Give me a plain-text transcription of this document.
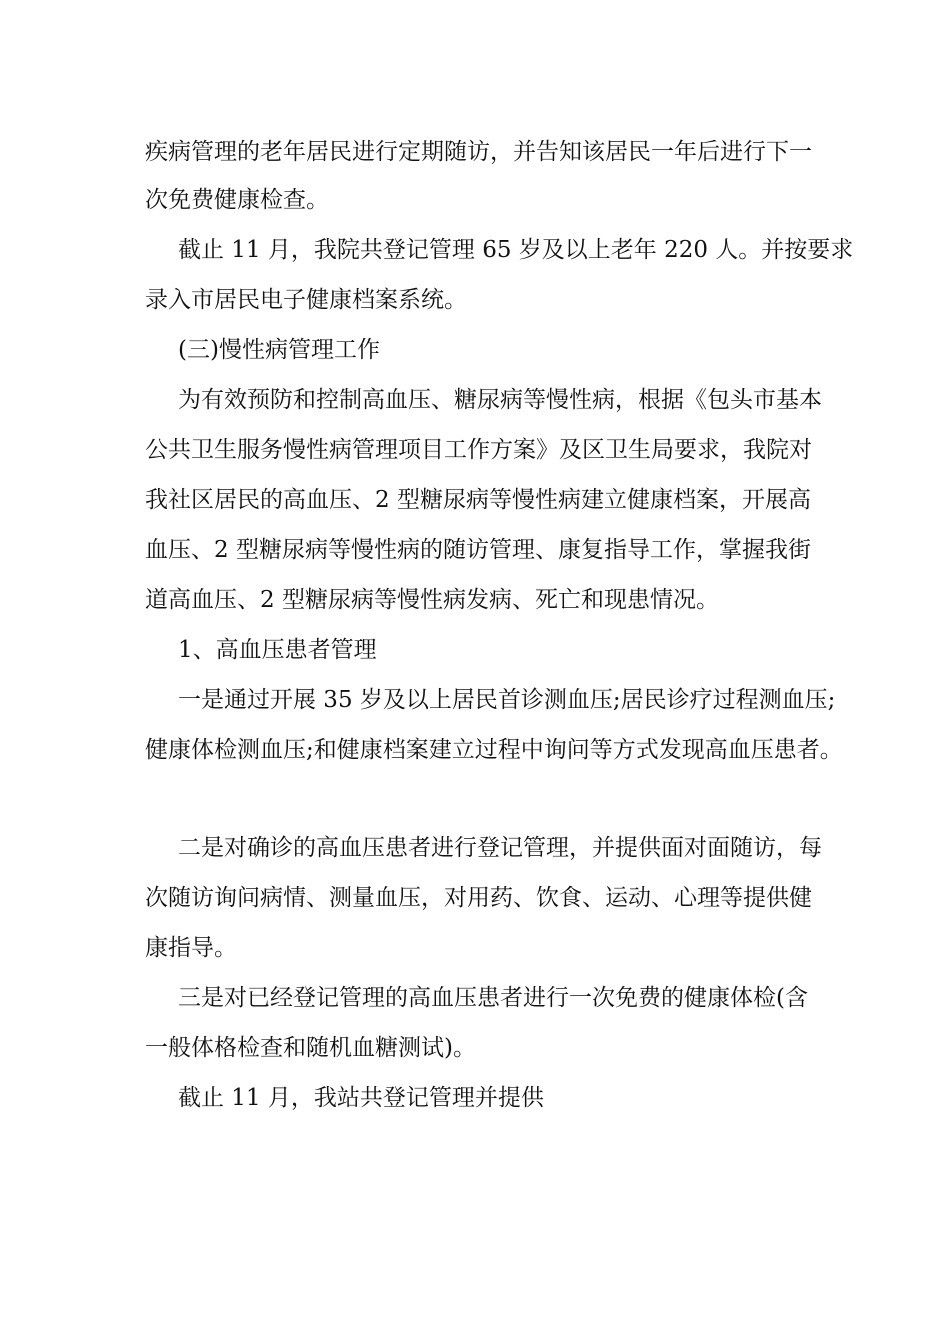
疾病管理的老年居民进行定期随访，并告知该居民一年后进行下一
次免费健康检查。
截止 11 月，我院共登记管理 65 岁及以上老年 220 人。并按要求
录入市居民电子健康档案系统。
(三)慢性病管理工作
为有效预防和控制高血压、糖尿病等慢性病，根据《包头市基本
公共卫生服务慢性病管理项目工作方案》及区卫生局要求，我院对
我社区居民的高血压、2 型糖尿病等慢性病建立健康档案，开展高
血压、2 型糖尿病等慢性病的随访管理、康复指导工作，掌握我街
道高血压、2 型糖尿病等慢性病发病、死亡和现患情况。
1、高血压患者管理
一是通过开展 35 岁及以上居民首诊测血压;居民诊疗过程测血压;
健康体检测血压;和健康档案建立过程中询问等方式发现高血压患者。
二是对确诊的高血压患者进行登记管理，并提供面对面随访，每
次随访询问病情、测量血压，对用药、饮食、运动、心理等提供健
康指导。
三是对已经登记管理的高血压患者进行一次免费的健康体检(含
一般体格检查和随机血糖测试)。
截止 11 月，我站共登记管理并提供
